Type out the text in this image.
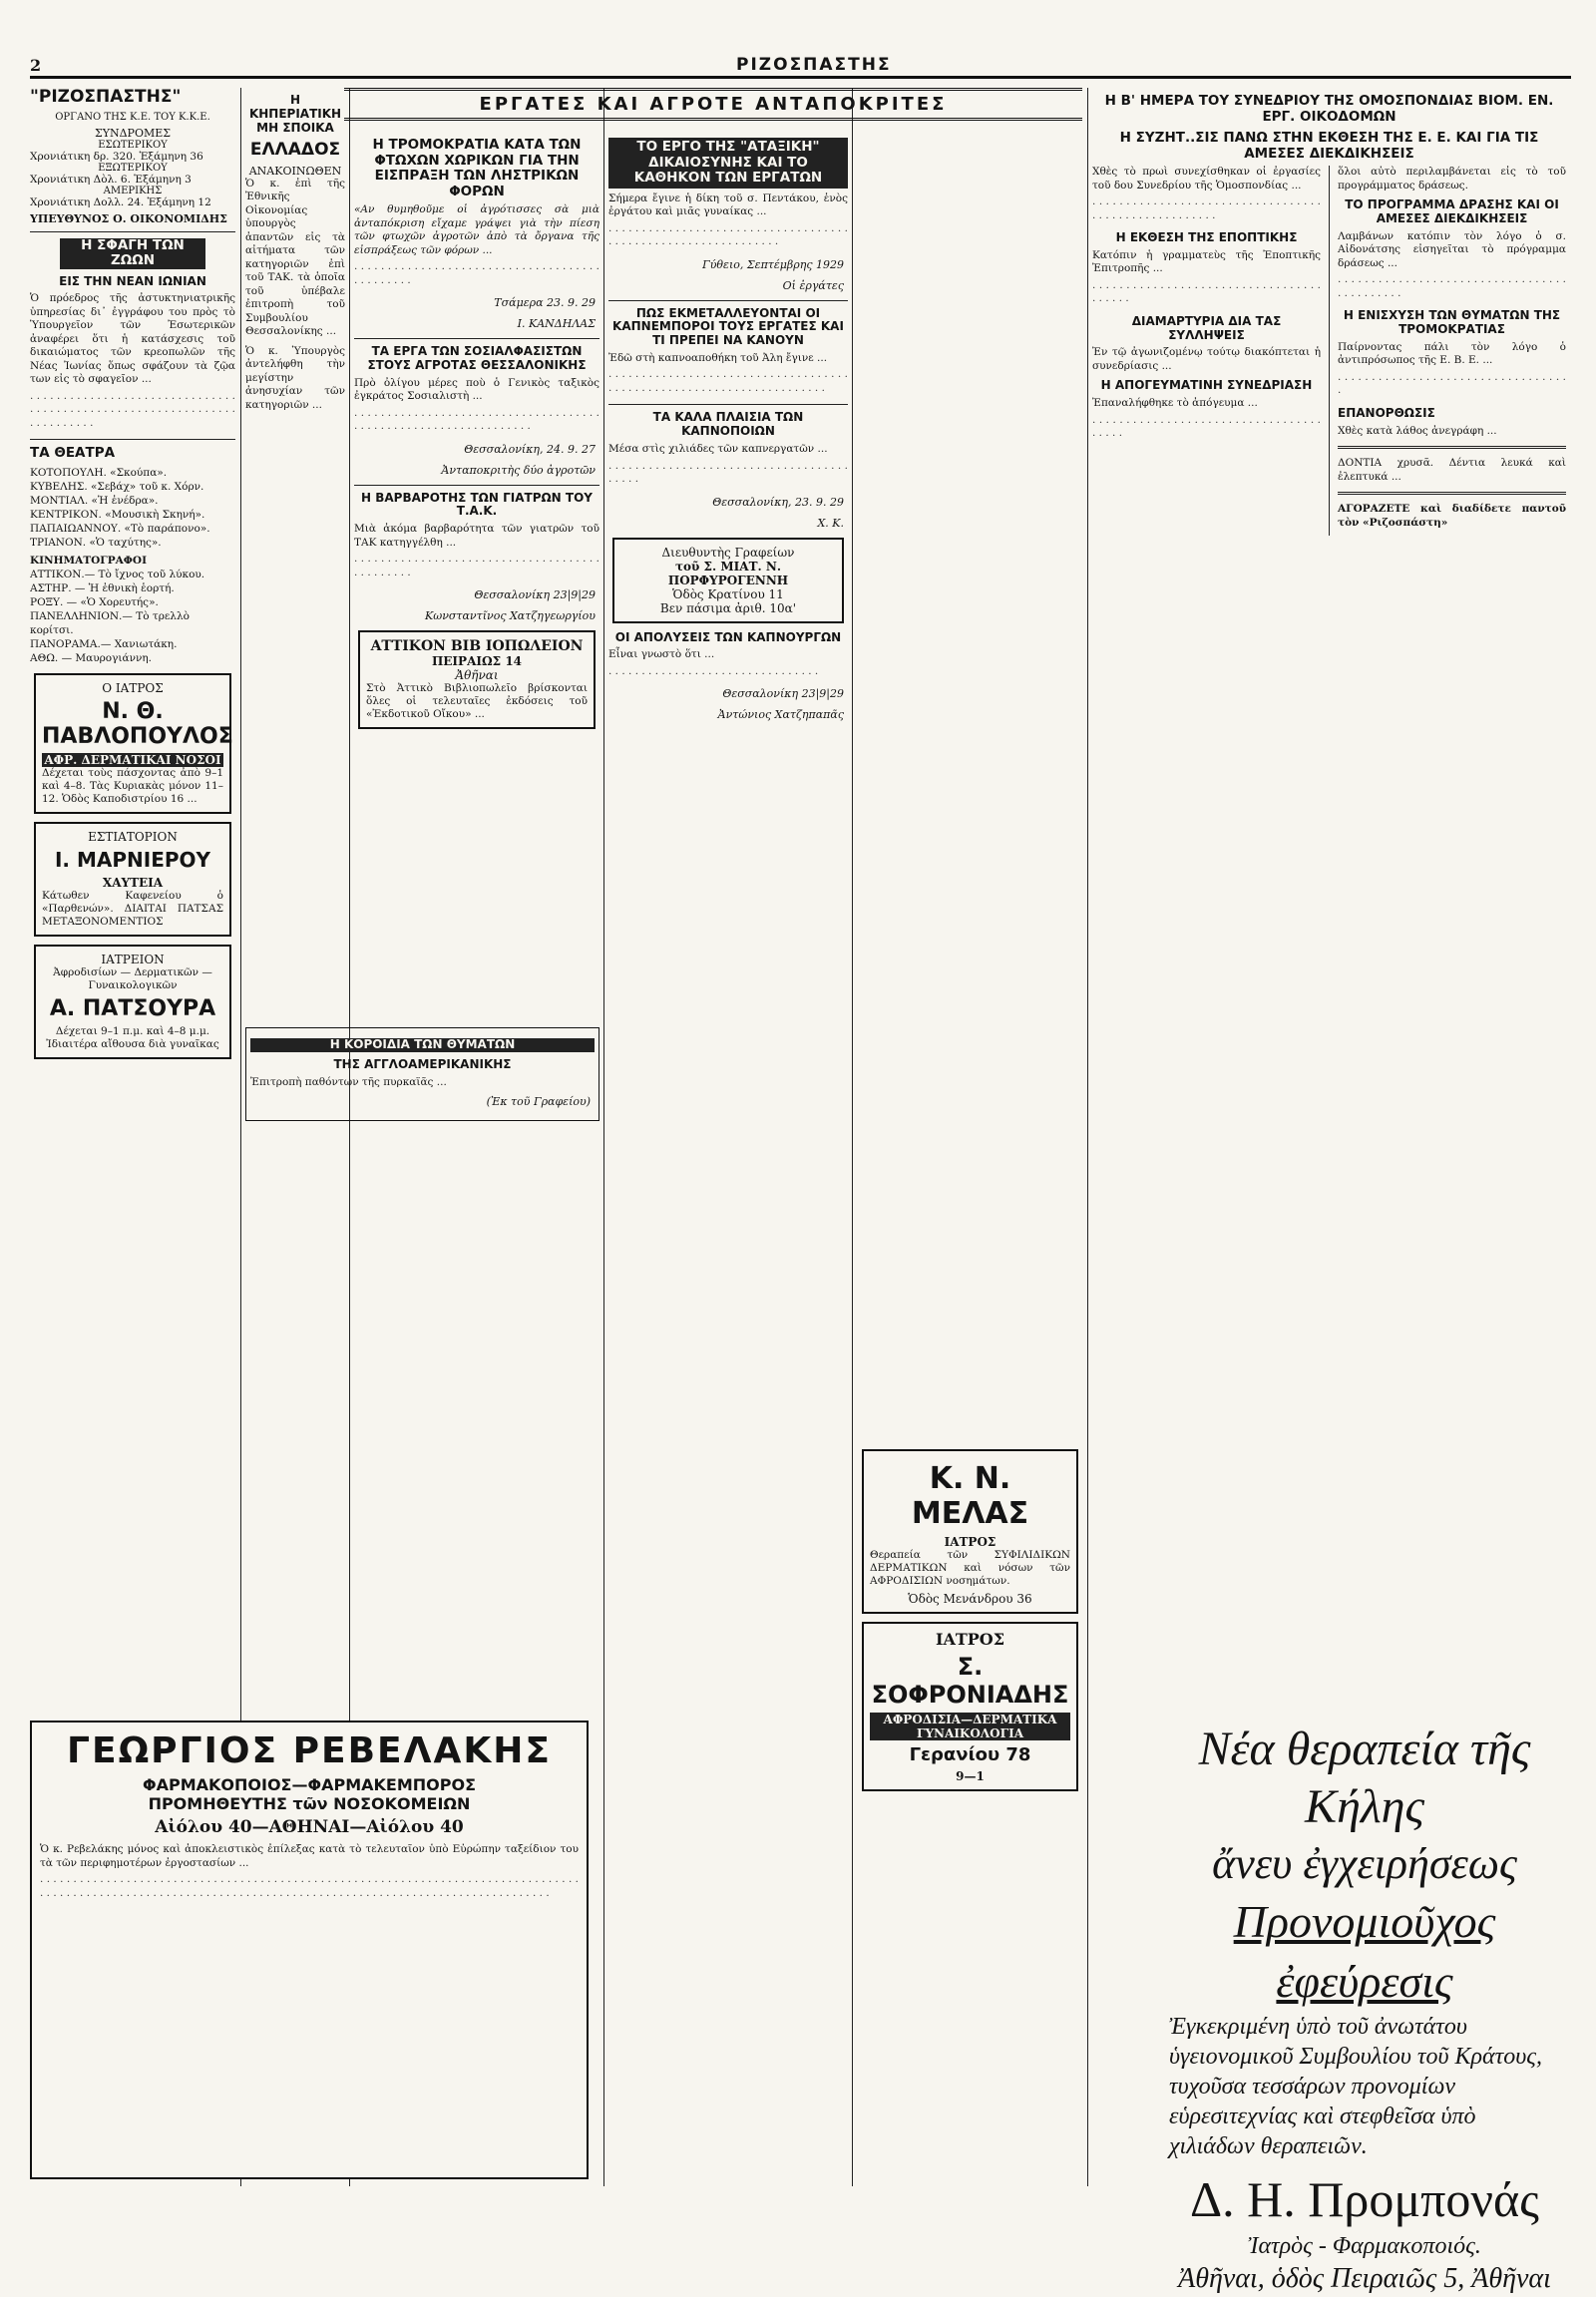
2	ΡΙΖΟΣΠΑΣΤΗΣ
"ΡΙΖΟΣΠΑΣΤΗΣ"
ΟΡΓΑΝΟ ΤΗΣ Κ.Ε. ΤΟΥ Κ.Κ.Ε.
ΣΥΝΔΡΟΜΕΣ
ΕΣΩΤΕΡΙΚΟΥ
Χρονιάτικη δρ. 320. Ἑξάμηνη 36
ΕΞΩΤΕΡΙΚΟΥ
Χρονιάτικη Δὸλ. 6. Ἑξάμηνη 3
ΑΜΕΡΙΚΗΣ
Χρονιάτικη Δολλ. 24. Ἑξάμηνη 12
ΥΠΕΥΘΥΝΟΣ Ο. ΟΙΚΟΝΟΜΙΔΗΣ
Η ΣΦΑΓΗ ΤΩΝ ΖΩΩΝ
ΕΙΣ ΤΗΝ ΝΕΑΝ ΙΩΝΙΑΝ

Ὁ πρόεδρος τῆς ἀστυκτηνιατρικῆς ὑπηρεσίας δι᾿ ἐγγράφου του πρὸς τὸ Ὑπουργεῖον τῶν Ἐσωτερικῶν ἀναφέρει ὅτι ἡ κατάσχεσις τοῦ δικαιώματος τῶν κρεοπωλῶν τῆς Νέας Ἰωνίας ὅπως σφάζουν τὰ ζῷα των εἰς τὸ σφαγεῖον ...

· · · · · · · · · · · · · · · · · · · · · · · · · · · · · · · · · · · · · · · · · · · · · · · · · · · · · · · · · · · · · · · · · · · · · · · ·

ΤΑ ΘΕΑΤΡΑ
ΚΟΤΟΠΟΥΛΗ. «Σκούπα».
ΚΥΒΕΛΗΣ. «Σεβάχ» τοῦ κ. Χόρν.
ΜΟΝΤΙΑΛ. «Ἡ ἐνέδρα».
ΚΕΝΤΡΙΚΟΝ. «Μουσικὴ Σκηνή».
ΠΑΠΑΙΩΑΝΝΟΥ. «Τὸ παράπονο».
ΤΡΙΑΝΟΝ. «Ὁ ταχύτης».
ΚΙΝΗΜΑΤΟΓΡΑΦΟΙ
ΑΤΤΙΚΟΝ.— Τὸ ἴχνος τοῦ λύκου.
ΑΣΤΗΡ. — Ἡ ἐθνικὴ ἑορτή.
ΡΟΞΥ. — «Ὁ Χορευτής».
ΠΑΝΕΛΛΗΝΙΟΝ.— Τὸ τρελλὸ κορίτσι.
ΠΑΝΟΡΑΜΑ.— Χανιωτάκη.
ΑΘΩ. — Μαυρογιάννη.
Ο ΙΑΤΡΟΣ
Ν. Θ. ΠΑΒΛΟΠΟΥΛΟΣ
ΑΦΡ. ΔΕΡΜΑΤΙΚΑΙ ΝΟΣΟΙ
Δέχεται τοὺς πάσχοντας ἀπὸ 9–1 καὶ 4–8. Τὰς Κυριακὰς μόνον 11–12. Ὁδὸς Καποδιστρίου 16 ...
ΕΣΤΙΑΤΟΡΙΟΝ
Ι. ΜΑΡΝΙΕΡΟΥ
ΧΑΥΤΕΙΑ
Κάτωθεν Καφενείου ὁ «Παρθενών». ΔΙΑΙΤΑΙ ΠΑΤΣΑΣ ΜΕΤΑΞΟΝΟΜΕΝΤΙΟΣ
ΙΑΤΡΕΙΟΝ
Ἀφροδισίων — Δερματικῶν — Γυναικολογικῶν
Α. ΠΑΤΣΟΥΡΑ
Δέχεται 9–1 π.μ. καὶ 4–8 μ.μ. Ἰδιαιτέρα αἴθουσα διὰ γυναῖκας
ΓΕΩΡΓΙΟΣ ΡΕΒΕΛΑΚΗΣ
ΦΑΡΜΑΚΟΠΟΙΟΣ—ΦΑΡΜΑΚΕΜΠΟΡΟΣ
ΠΡΟΜΗΘΕΥΤΗΣ τῶν ΝΟΣΟΚΟΜΕΙΩΝ
Αἰόλου 40—ΑΘΗΝΑΙ—Αἰόλου 40

Ὁ κ. Ρεβελάκης μόνος καὶ ἀποκλειστικὸς ἐπίλεξας κατὰ τὸ τελευταῖον ὑπὸ Εὐρώπην ταξείδιον του τὰ τῶν περιφημοτέρων ἐργοστασίων ...

· · · · · · · · · · · · · · · · · · · · · · · · · · · · · · · · · · · · · · · · · · · · · · · · · · · · · · · · · · · · · · · · · · · · · · · · · · · · · · · · · · · · · · · · · · · · · · · · · · · · · · · · · · · · · · · · · · · · · · · · · · · · · · · · · · · · · · · · · · · · · · · · · · · · · · · · · · · · · ·

Η ΚΗΠΕΡΙΑΤΙΚΗ ΜΗ ΣΠΟΙΚΑ
ΕΛΛΑΔΟΣ
ΑΝΑΚΟΙΝΩΘΕΝ

Ὁ κ. ἐπὶ τῆς Ἐθνικῆς Οἰκονομίας ὑπουργὸς ἀπαντῶν εἰς τὰ αἰτήματα τῶν κατηγοριῶν ἐπὶ τοῦ ΤΑΚ. τὰ ὁποῖα τοῦ ὑπέβαλε ἐπιτροπὴ τοῦ Συμβουλίου Θεσσαλονίκης ...

Ὁ κ. Ὑπουργὸς ἀντελήφθη τὴν μεγίστην ἀνησυχίαν τῶν κατηγοριῶν ...

Η ΚΟΡΟΪΔΙΑ ΤΩΝ ΘΥΜΑΤΩΝ
ΤΗΣ ΑΓΓΛΟΑΜΕΡΙΚΑΝΙΚΗΣ

Ἐπιτροπὴ παθόντων τῆς πυρκαϊᾶς ...

(Ἐκ τοῦ Γραφείου)
ΕΡΓΑΤΕΣ ΚΑΙ ΑΓΡΟΤΕ ΑΝΤΑΠΟΚΡΙΤΕΣ
Η ΤΡΟΜΟΚΡΑΤΙΑ ΚΑΤΑ ΤΩΝ ΦΤΩΧΩΝ ΧΩΡΙΚΩΝ ΓΙΑ ΤΗΝ ΕΙΣΠΡΑΞΗ ΤΩΝ ΛΗΣΤΡΙΚΩΝ ΦΟΡΩΝ

«Αν θυμηθοῦμε οἱ ἀγρότισσες σὰ μιὰ ἀνταπόκριση εἴχαμε γράψει γιὰ τὴν πίεση τῶν φτωχῶν ἀγροτῶν ἀπὸ τὰ ὄργανα τῆς εἰσπράξεως τῶν φόρων ...

· · · · · · · · · · · · · · · · · · · · · · · · · · · · · · · · · · · · · · · · · · · · · ·

Τσάμερα 23. 9. 29
Ι. ΚΑΝΔΗΛΑΣ
ΤΑ ΕΡΓΑ ΤΩΝ ΣΟΣΙΑΛΦΑΣΙΣΤΩΝ ΣΤΟΥΣ ΑΓΡΟΤΑΣ ΘΕΣΣΑΛΟΝΙΚΗΣ

Πρὸ ὀλίγου μέρες ποὺ ὁ Γενικὸς ταξικὸς ἐγκράτος Σοσιαλιστὴ ...

· · · · · · · · · · · · · · · · · · · · · · · · · · · · · · · · · · · · · · · · · · · · · · · · · · · · · · · · · · · · · · · ·

Θεσσαλονίκη, 24. 9. 27
Ἀνταποκριτὴς δύο ἀγροτῶν
Η ΒΑΡΒΑΡΟΤΗΣ ΤΩΝ ΓΙΑΤΡΩΝ ΤΟΥ Τ.Α.Κ.

Μιὰ ἀκόμα βαρβαρότητα τῶν γιατρῶν τοῦ ΤΑΚ κατηγγέλθη ...

· · · · · · · · · · · · · · · · · · · · · · · · · · · · · · · · · · · · · · · · · · · · · ·

Θεσσαλονίκη 23|9|29
Κωνσταντῖνος Χατζηγεωργίου
ΑΤΤΙΚΟΝ ΒΙΒ ΙΟΠΩΛΕΙΟΝ
ΠΕΙΡΑΙΩΣ 14
Ἀθῆναι
Στὸ Ἀττικὸ Βιβλιοπωλεῖο βρίσκονται ὅλες οἱ τελευταῖες ἐκδόσεις τοῦ «Ἐκδοτικοῦ Οἴκου» ...
ΤΟ ΕΡΓΟ ΤΗΣ "ΑΤΑΞΙΚΗ" ΔΙΚΑΙΟΣΥΝΗΣ ΚΑΙ ΤΟ ΚΑΘΗΚΟΝ ΤΩΝ ΕΡΓΑΤΩΝ

Σήμερα ἔγινε ἡ δίκη τοῦ σ. Πεντάκου, ἑνὸς ἐργάτου καὶ μιᾶς γυναίκας ...

· · · · · · · · · · · · · · · · · · · · · · · · · · · · · · · · · · · · · · · · · · · · · · · · · · · · · · · · · · · · · ·

Γύθειο, Σεπτέμβρης 1929
Οἱ ἐργάτες
ΠΩΣ ΕΚΜΕΤΑΛΛΕΥΟΝΤΑΙ ΟΙ ΚΑΠΝΕΜΠΟΡΟΙ ΤΟΥΣ ΕΡΓΑΤΕΣ ΚΑΙ ΤΙ ΠΡΕΠΕΙ ΝΑ ΚΑΝΟΥΝ

Ἐδῶ στὴ καπνοαποθήκη τοῦ Ἀλη ἔγινε ...

· · · · · · · · · · · · · · · · · · · · · · · · · · · · · · · · · · · · · · · · · · · · · · · · · · · · · · · · · · · · · · · · · · · · ·

ΤΑ ΚΑΛΑ ΠΛΑΙΣΙΑ ΤΩΝ ΚΑΠΝΟΠΟΙΩΝ

Μέσα στὶς χιλιάδες τῶν καπνεργατῶν ...

· · · · · · · · · · · · · · · · · · · · · · · · · · · · · · · · · · · · · · · · ·

Θεσσαλονίκη, 23. 9. 29
Χ. Κ.
Διευθυντὴς Γραφείων
τοῦ Σ. ΜΙΑΤ. Ν. ΠΟΡΦΥΡΟΓΕΝΝΗ
Ὁδὸς Κρατίνου 11
Βεν πάσιμα ἀριθ. 10α'
ΟΙ ΑΠΟΛΥΣΕΙΣ ΤΩΝ ΚΑΠΝΟΥΡΓΩΝ

Εἶναι γνωστὸ ὅτι ...

· · · · · · · · · · · · · · · · · · · · · · · · · · · · · · · ·

Θεσσαλονίκη 23|9|29
Ἀντώνιος Χατζηπαπᾶς
Κ. Ν. ΜΕΛΑΣ
ΙΑΤΡΟΣ
Θεραπεία τῶν ΣΥΦΙΛΙΔΙΚΩΝ ΔΕΡΜΑΤΙΚΩΝ καὶ νόσων τῶν ΑΦΡΟΔΙΣΙΩΝ νοσημάτων.
Ὁδὸς Μενάνδρου 36
ΙΑΤΡΟΣ
Σ. ΣΟΦΡΟΝΙΑΔΗΣ
ΑΦΡΟΔΙΣΙΑ—ΔΕΡΜΑΤΙΚΑ ΓΥΝΑΙΚΟΛΟΓΙΑ
Γερανίου 78
9—1
Η Β' ΗΜΕΡΑ ΤΟΥ ΣΥΝΕΔΡΙΟΥ ΤΗΣ ΟΜΟΣΠΟΝΔΙΑΣ ΒΙΟΜ. ΕΝ. ΕΡΓ. ΟΙΚΟΔΟΜΩΝ
Η ΣΥΖΗΤ..ΣΙΣ ΠΑΝΩ ΣΤΗΝ ΕΚΘΕΣΗ ΤΗΣ Ε. Ε. ΚΑΙ ΓΙΑ ΤΙΣ ΑΜΕΣΕΣ ΔΙΕΚΔΙΚΗΣΕΙΣ

Χθὲς τὸ πρωὶ συνεχίσθηκαν οἱ ἐργασίες τοῦ δου Συνεδρίου τῆς Ὁμοσπονδίας ...

· · · · · · · · · · · · · · · · · · · · · · · · · · · · · · · · · · · · · · · · · · · · · · · · · · · · ·

Η ΕΚΘΕΣΗ ΤΗΣ ΕΠΟΠΤΙΚΗΣ

Κατόπιν ἡ γραμματεὺς τῆς Ἐποπτικῆς Ἐπιτροπῆς ...

· · · · · · · · · · · · · · · · · · · · · · · · · · · · · · · · · · · · · · · ·

ΔΙΑΜΑΡΤΥΡΙΑ ΔΙΑ ΤΑΣ ΣΥΛΛΗΨΕΙΣ

Ἐν τῷ ἀγωνιζομένῳ τούτῳ διακόπτεται ἡ συνεδρίασις ...

Η ΑΠΟΓΕΥΜΑΤΙΝΗ ΣΥΝΕΔΡΙΑΣΗ

Ἐπαναλήφθηκε τὸ ἀπόγευμα ...

· · · · · · · · · · · · · · · · · · · · · · · · · · · · · · · · · · · · · · ·

ὅλοι αὐτὸ περιλαμβάνεται εἰς τὸ τοῦ προγράμματος δράσεως.

ΤΟ ΠΡΟΓΡΑΜΜΑ ΔΡΑΣΗΣ ΚΑΙ ΟΙ ΑΜΕΣΕΣ ΔΙΕΚΔΙΚΗΣΕΙΣ

Λαμβάνων κατόπιν τὸν λόγο ὁ σ. Αἰδονάτσης εἰσηγεῖται τὸ πρόγραμμα δράσεως ...

· · · · · · · · · · · · · · · · · · · · · · · · · · · · · · · · · · · · · · · · · · · ·

Η ΕΝΙΣΧΥΣΗ ΤΩΝ ΘΥΜΑΤΩΝ ΤΗΣ ΤΡΟΜΟΚΡΑΤΙΑΣ

Παίρνοντας πάλι τὸν λόγο ὁ ἀντιπρόσωπος τῆς Ε. Β. Ε. ...

· · · · · · · · · · · · · · · · · · · · · · · · · · · · · · · · · · ·

ΕΠΑΝΟΡΘΩΣΙΣ

Χθὲς κατὰ λάθος ἀνεγράφη ...

ΔΟΝΤΙΑ χρυσᾶ. Δέντια λευκά καὶ ἐλεπτυκά ...

ΑΓΟΡΑΖΕΤΕ καὶ διαδίδετε παντοῦ τὸν «Ριζοσπάστη»

Νέα θεραπεία τῆς Κήλης
ἄνευ ἐγχειρήσεως
Προνομιοῦχος ἐφεύρεσις
Ἐγκεκριμένη ὑπὸ τοῦ ἀνωτάτου ὑγειονομικοῦ Συμβουλίου τοῦ Κράτους, τυχοῦσα τεσσάρων προνομίων εὑρεσιτεχνίας καὶ στεφθεῖσα ὑπὸ χιλιάδων θεραπειῶν.
Δ. Η. Προμπονάς
Ἰατρὸς - Φαρμακοποιός.
Ἀθῆναι, ὁδὸς Πειραιῶς 5, Ἀθῆναι
